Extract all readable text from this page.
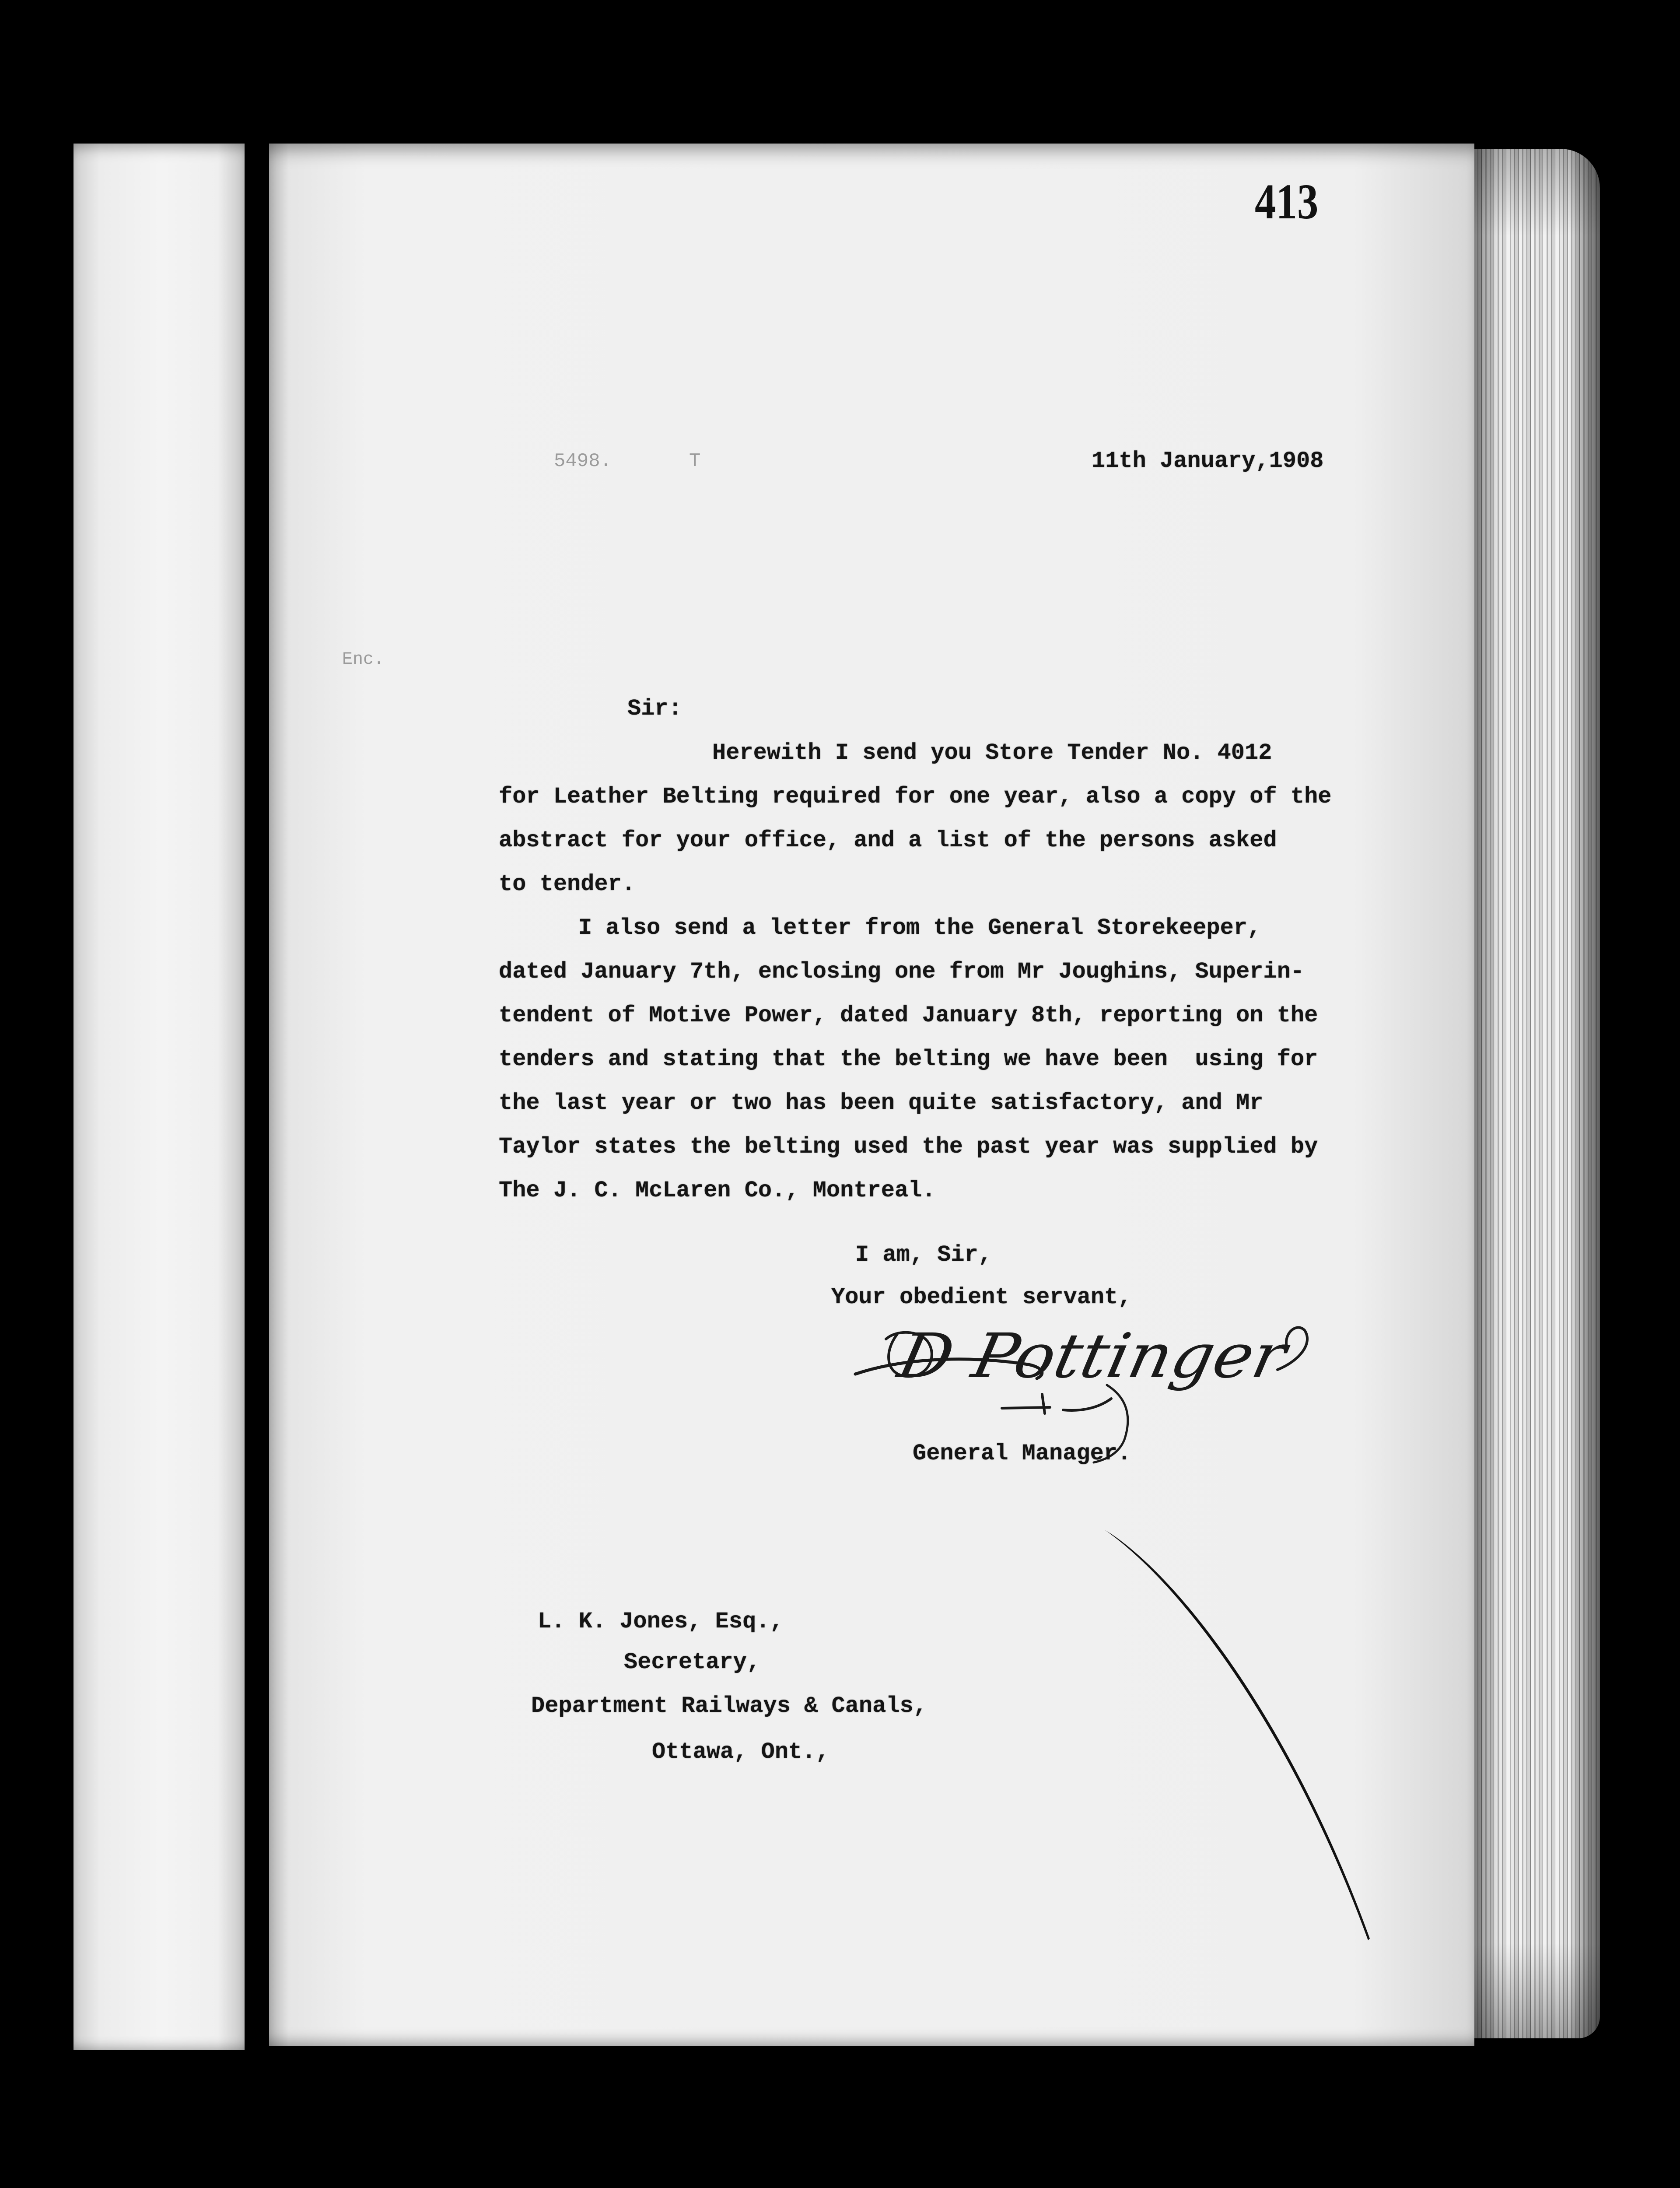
413
5498.	T	11th January,1908
Enc.
Sir:
Herewith I send you Store Tender No. 4012
for Leather Belting required for one year, also a copy of the
abstract for your office, and a list of the persons asked
to tender.
I also send a letter from the General Storekeeper,
dated January 7th, enclosing one from Mr Joughins, Superin-
tendent of Motive Power, dated January 8th, reporting on the
tenders and stating that the belting we have been  using for
the last year or two has been quite satisfactory, and Mr
Taylor states the belting used the past year was supplied by
The J. C. McLaren Co., Montreal.
I am, Sir,
Your obedient servant,
D Pottinger
General Manager.
L. K. Jones, Esq.,
Secretary,
Department Railways & Canals,
Ottawa, Ont.,
